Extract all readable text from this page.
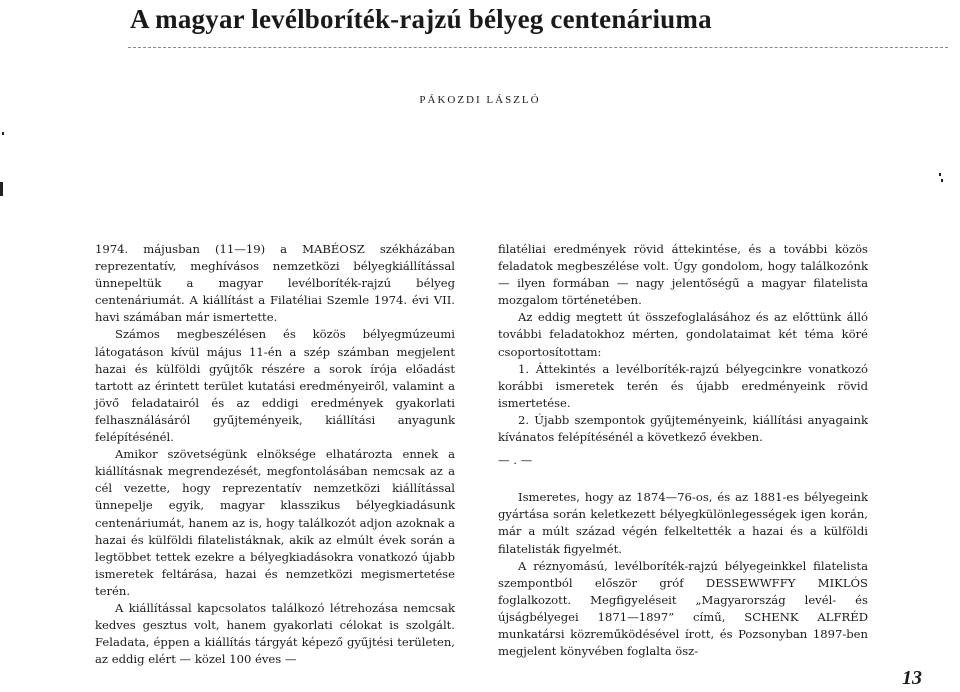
A magyar levélboríték-rajzú bélyeg centenáriuma
PÁKOZDI LÁSZLÓ

1974. májusban (11—19) a MABÉOSZ székházában reprezentatív, meghívásos nemzetközi bélyegkiállítással ünnepeltük a magyar levélboríték-rajzú bélyeg centenáriumát. A kiállítást a Filatéliai Szemle 1974. évi VII. havi számában már ismertette.

Számos megbeszélésen és közös bélyegmúzeumi látogatáson kívül május 11-én a szép számban megjelent hazai és külföldi gyűjtők részére a sorok írója előadást tartott az érintett terület kutatási eredményeiről, valamint a jövő feladatairól és az eddigi eredmények gyakorlati felhasználásáról gyűjteményeik, kiállítási anyagunk felépítésénél.

Amikor szövetségünk elnöksége elhatározta ennek a kiállításnak megrendezését, megfontolásában nemcsak az a cél vezette, hogy reprezentatív nemzetközi kiállítással ünnepelje egyik, magyar klasszikus bélyegkiadásunk centenáriumát, hanem az is, hogy találkozót adjon azoknak a hazai és külföldi filatelistáknak, akik az elmúlt évek során a legtöbbet tettek ezekre a bélyegkiadásokra vonatkozó újabb ismeretek feltárása, hazai és nemzetközi megismertetése terén.

A kiállítással kapcsolatos találkozó létrehozása nemcsak kedves gesztus volt, hanem gyakorlati célokat is szolgált. Feladata, éppen a kiállítás tárgyát képező gyűjtési területen, az eddig elért — közel 100 éves —

filatéliai eredmények rövid áttekintése, és a további közös feladatok megbeszélése volt. Úgy gondolom, hogy találkozónk — ilyen formában — nagy jelentőségű a magyar filatelista mozgalom történetében.

Az eddig megtett út összefoglalásához és az előttünk álló további feladatokhoz mérten, gondolataimat két téma köré csoportosítottam:

1. Áttekintés a levélboríték-rajzú bélyegcinkre vonatkozó korábbi ismeretek terén és újabb eredményeink rövid ismertetése.

2. Újabb szempontok gyűjteményeink, kiállítási anyagaink kívánatos felépítésénél a következő években.

— . —

Ismeretes, hogy az 1874—76-os, és az 1881-es bélyegeink gyártása során keletkezett bélyegkülönlegességek igen korán, már a múlt század végén felkeltették a hazai és a külföldi filatelisták figyelmét.

A réznyomású, levélboríték-rajzú bélyegeinkkel filatelista szempontból először gróf DESSEWWFFY MIKLÓS foglalkozott. Megfigyeléseit „Magyarország levél- és újságbélyegei 1871—1897” című, SCHENK ALFRÉD munkatársi közreműködésével írott, és Pozsonyban 1897-ben megjelent könyvében foglalta ösz-

13
